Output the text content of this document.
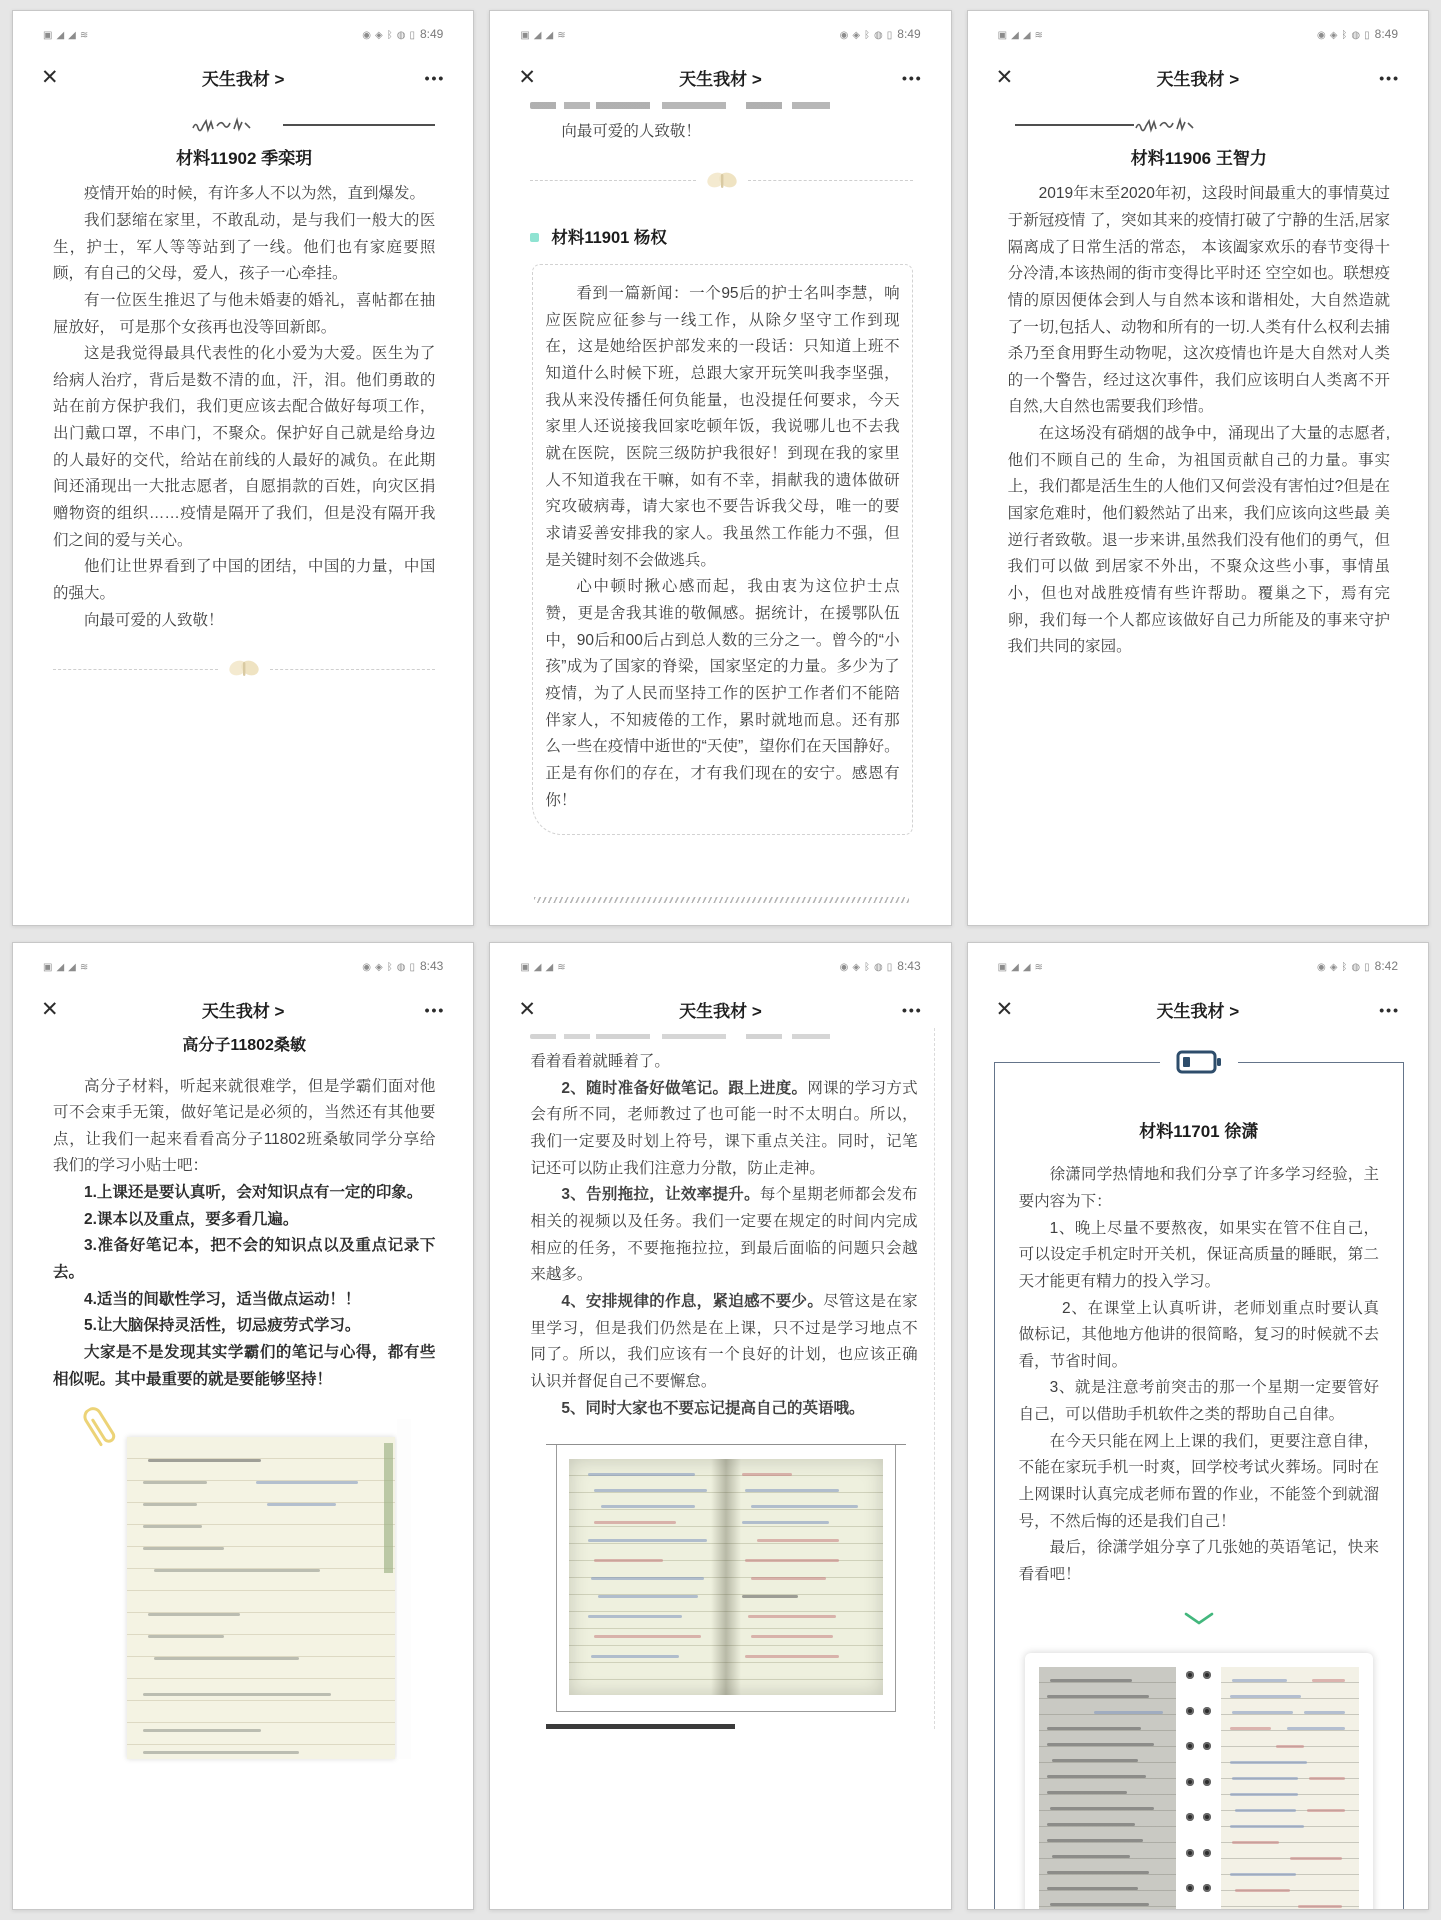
▣ ◢ ◢ ≋	◉ ◈ ᛒ ◍ ▯ 8:49
✕	天生我材 >	•••
材料11902 季栾玥

疫情开始的时候，有许多人不以为然，直到爆发。

我们瑟缩在家里，不敢乱动，是与我们一般大的医生，护士，军人等等站到了一线。他们也有家庭要照顾，有自己的父母，爱人，孩子一心牵挂。

有一位医生推迟了与他未婚妻的婚礼，喜帖都在抽屉放好， 可是那个女孩再也没等回新郎。

这是我觉得最具代表性的化小爱为大爱。医生为了给病人治疗，背后是数不清的血，汗，泪。他们勇敢的站在前方保护我们，我们更应该去配合做好每项工作，出门戴口罩，不串门，不聚众。保护好自己就是给身边的人最好的交代，给站在前线的人最好的减负。在此期间还涌现出一大批志愿者，自愿捐款的百姓，向灾区捐赠物资的组织……疫情是隔开了我们，但是没有隔开我们之间的爱与关心。

他们让世界看到了中国的团结，中国的力量，中国的强大。

向最可爱的人致敬！

▣ ◢ ◢ ≋	◉ ◈ ᛒ ◍ ▯ 8:49
✕	天生我材 >	•••

向最可爱的人致敬！

材料11901 杨权

看到一篇新闻：一个95后的护士名叫李慧，响应医院应征参与一线工作，从除夕坚守工作到现在，这是她给医护部发来的一段话：只知道上班不知道什么时候下班，总跟大家开玩笑叫我李坚强，我从来没传播任何负能量，也没提任何要求，今天家里人还说接我回家吃顿年饭，我说哪儿也不去我就在医院，医院三级防护我很好！到现在我的家里人不知道我在干嘛，如有不幸，捐献我的遗体做研究攻破病毒，请大家也不要告诉我父母，唯一的要求请妥善安排我的家人。我虽然工作能力不强，但是关键时刻不会做逃兵。

心中顿时揪心感而起，我由衷为这位护士点赞，更是舍我其谁的敬佩感。据统计，在援鄂队伍中，90后和00后占到总人数的三分之一。曾今的“小孩”成为了国家的脊梁，国家坚定的力量。多少为了疫情，为了人民而坚持工作的医护工作者们不能陪伴家人，不知疲倦的工作，累时就地而息。还有那么一些在疫情中逝世的“天使”，望你们在天国静好。正是有你们的存在，才有我们现在的安宁。感恩有你！

▣ ◢ ◢ ≋	◉ ◈ ᛒ ◍ ▯ 8:49
✕	天生我材 >	•••
材料11906 王智力

2019年末至2020年初，这段时间最重大的事情莫过于新冠疫情 了，突如其来的疫情打破了宁静的生活,居家隔离成了日常生活的常态， 本该阖家欢乐的春节变得十分冷清,本该热闹的街市变得比平时还 空空如也。联想疫情的原因便体会到人与自然本该和谐相处，大自然造就了一切,包括人、动物和所有的一切.人类有什么权利去捕杀乃至食用野生动物呢，这次疫情也许是大自然对人类的一个警告，经过这次事件，我们应该明白人类离不开自然,大自然也需要我们珍惜。

在这场没有硝烟的战争中，涌现出了大量的志愿者,他们不顾自己的 生命，为祖国贡献自己的力量。事实上，我们都是活生生的人他们又何尝没有害怕过?但是在国家危难时，他们毅然站了出来，我们应该向这些最 美逆行者致敬。退一步来讲,虽然我们没有他们的勇气，但我们可以做 到居家不外出，不聚众这些小事，事情虽小，但也对战胜疫情有些许帮助。覆巢之下，焉有完卵，我们每一个人都应该做好自己力所能及的事来守护我们共同的家园。

▣ ◢ ◢ ≋	◉ ◈ ᛒ ◍ ▯ 8:43
✕	天生我材 >	•••
高分子11802桑敏

高分子材料，听起来就很难学，但是学霸们面对他可不会束手无策，做好笔记是必须的，当然还有其他要点，让我们一起来看看高分子11802班桑敏同学分享给我们的学习小贴士吧：

1.上课还是要认真听，会对知识点有一定的印象。

2.课本以及重点，要多看几遍。

3.准备好笔记本，把不会的知识点以及重点记录下去。

4.适当的间歇性学习，适当做点运动！！

5.让大脑保持灵活性，切忌疲劳式学习。

大家是不是发现其实学霸们的笔记与心得，都有些相似呢。其中最重要的就是要能够坚持！

▣ ◢ ◢ ≋	◉ ◈ ᛒ ◍ ▯ 8:43
✕	天生我材 >	•••

看着看着就睡着了。

2、随时准备好做笔记。跟上进度。网课的学习方式会有所不同，老师教过了也可能一时不太明白。所以，我们一定要及时划上符号，课下重点关注。同时，记笔记还可以防止我们注意力分散，防止走神。

3、告别拖拉，让效率提升。每个星期老师都会发布相关的视频以及任务。我们一定要在规定的时间内完成相应的任务，不要拖拖拉拉，到最后面临的问题只会越来越多。

4、安排规律的作息，紧迫感不要少。尽管这是在家里学习，但是我们仍然是在上课，只不过是学习地点不同了。所以，我们应该有一个良好的计划，也应该正确认识并督促自己不要懈怠。

5、同时大家也不要忘记提高自己的英语哦。

▣ ◢ ◢ ≋	◉ ◈ ᛒ ◍ ▯ 8:42
✕	天生我材 >	•••
材料11701 徐潇

徐潇同学热情地和我们分享了许多学习经验，主要内容为下：

1、晚上尽量不要熬夜，如果实在管不住自己，可以设定手机定时开关机，保证高质量的睡眠，第二天才能更有精力的投入学习。

2、在课堂上认真听讲，老师划重点时要认真做标记，其他地方他讲的很简略，复习的时候就不去看，节省时间。

3、就是注意考前突击的那一个星期一定要管好自己，可以借助手机软件之类的帮助自己自律。

在今天只能在网上上课的我们，更要注意自律，不能在家玩手机一时爽，回学校考试火葬场。同时在上网课时认真完成老师布置的作业，不能签个到就溜号，不然后悔的还是我们自己！

最后，徐潇学姐分享了几张她的英语笔记，快来看看吧！
